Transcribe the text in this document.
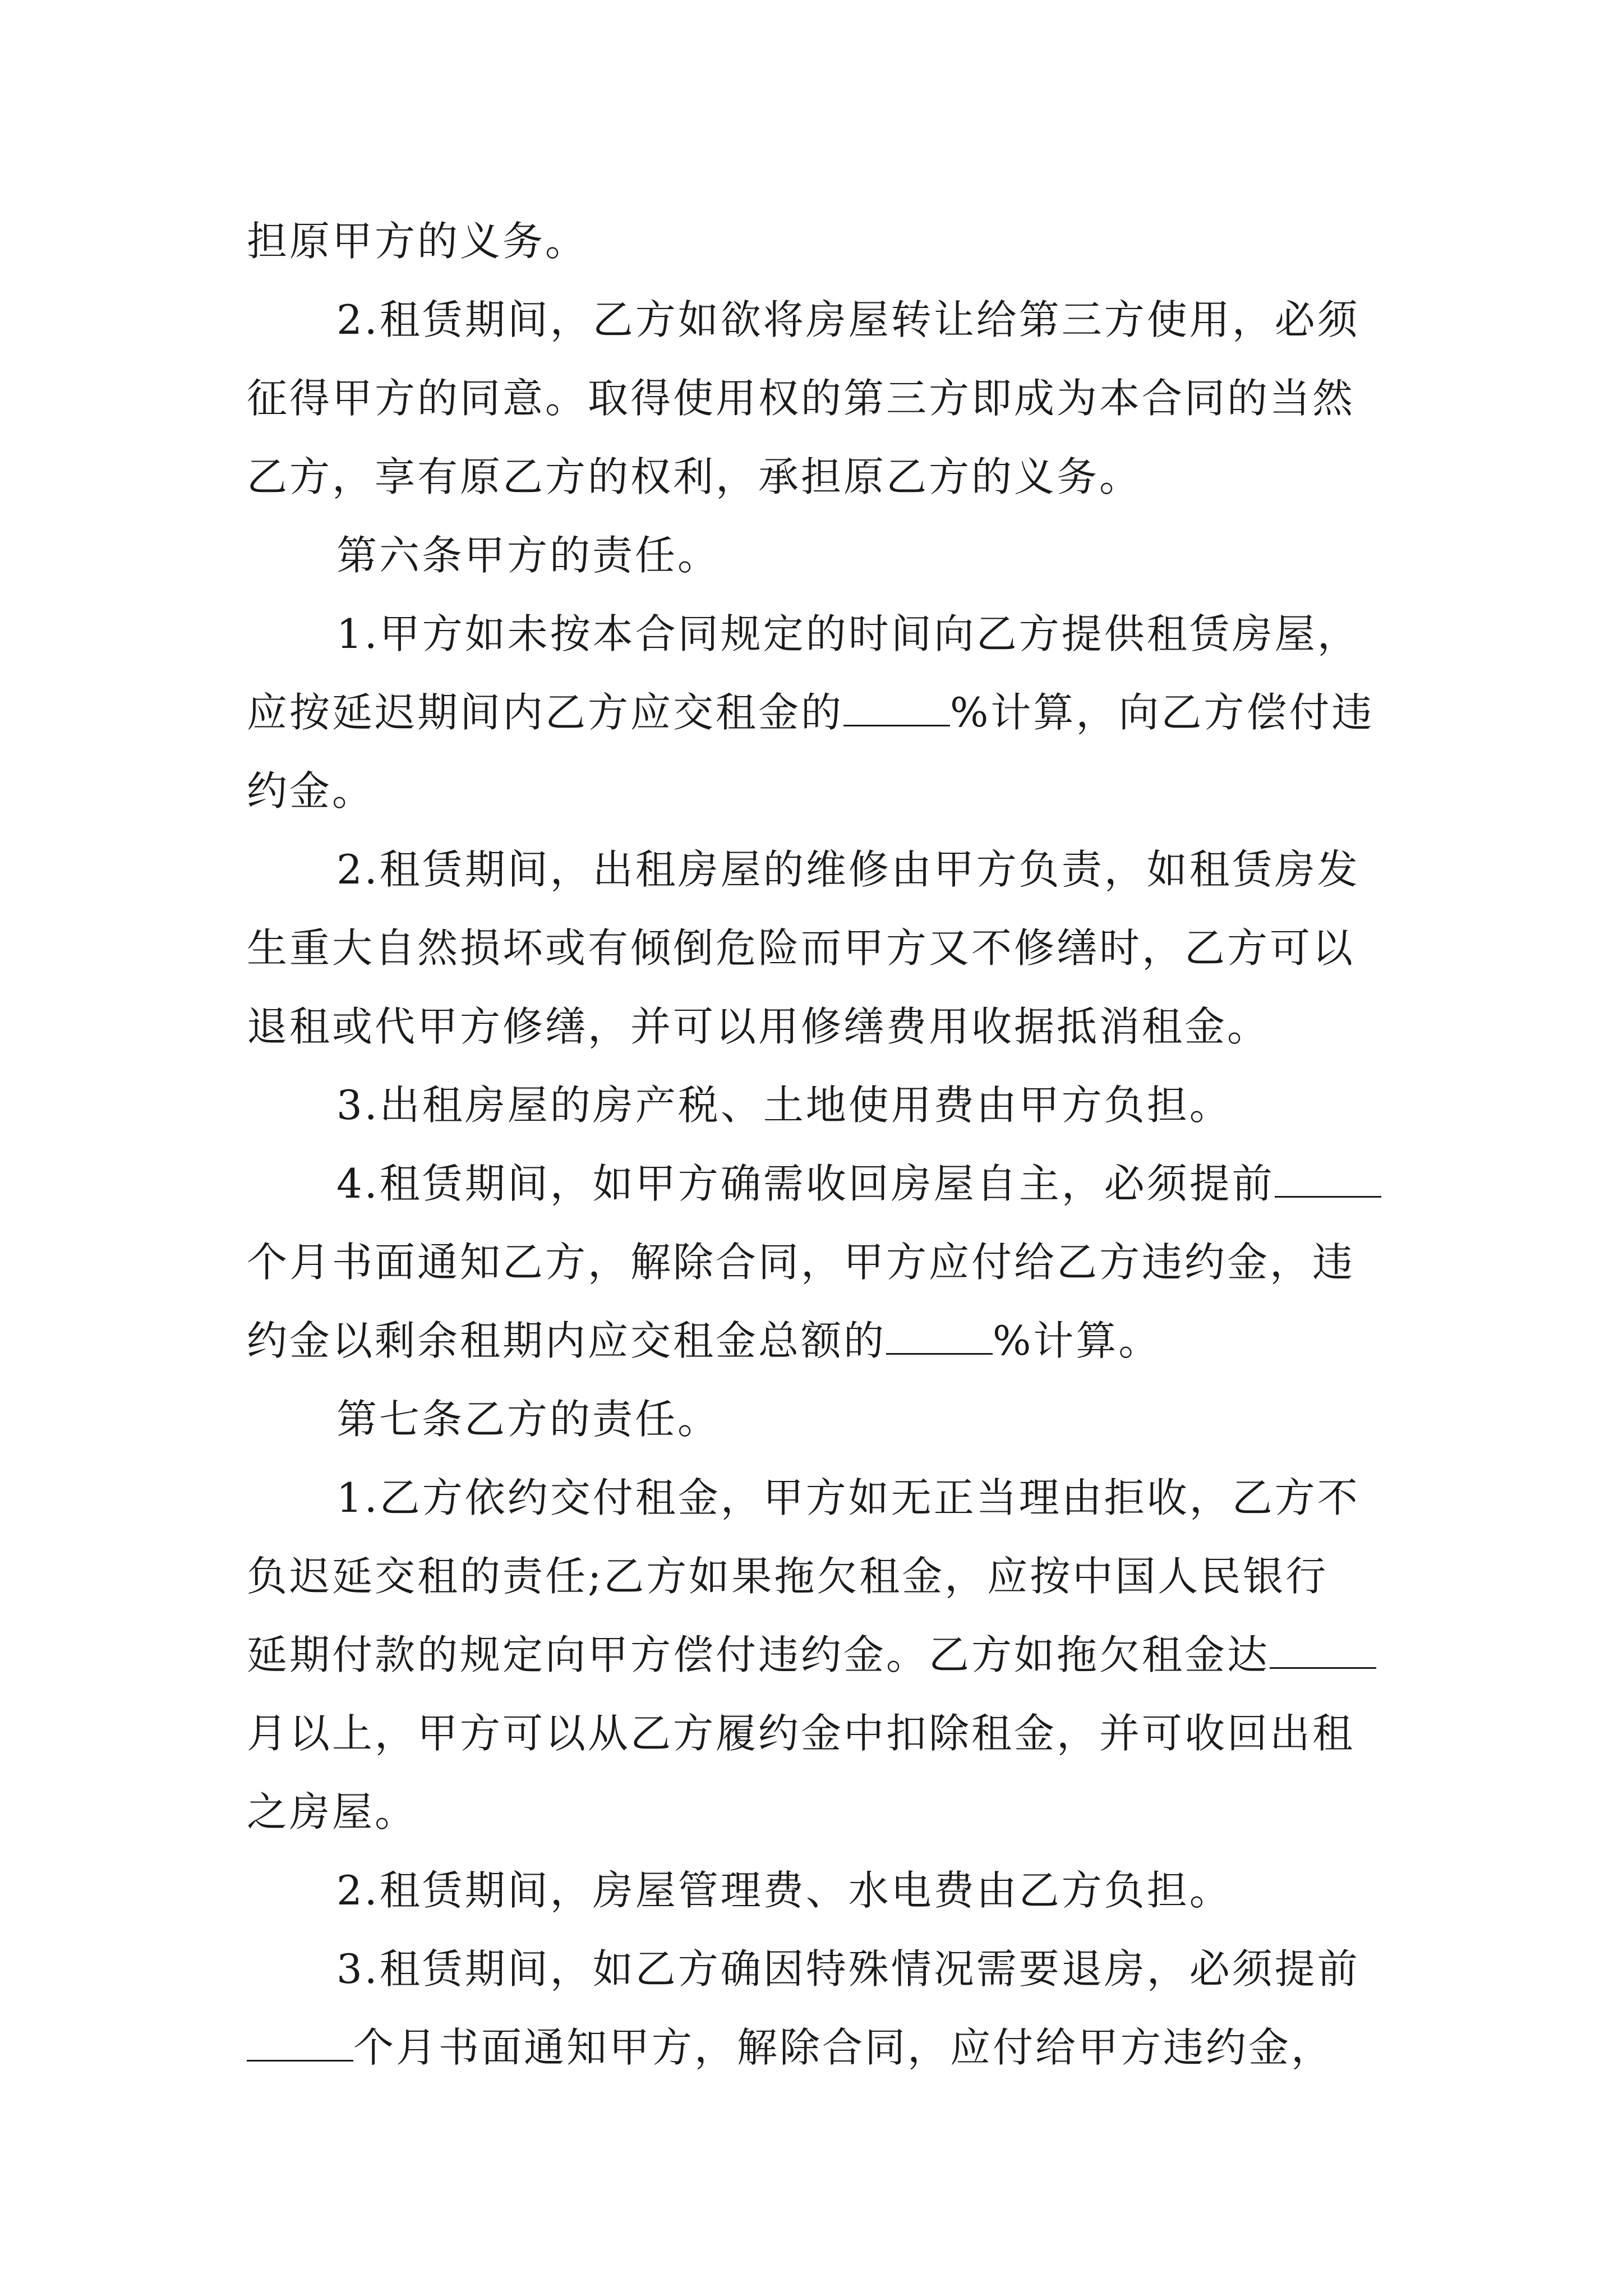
担原甲方的义务。
2.租赁期间，乙方如欲将房屋转让给第三方使用，必须
征得甲方的同意。取得使用权的第三方即成为本合同的当然
乙方，享有原乙方的权利，承担原乙方的义务。
第六条甲方的责任。
1.甲方如未按本合同规定的时间向乙方提供租赁房屋，
应按延迟期间内乙方应交租金的	%计算，向乙方偿付违
约金。
2.租赁期间，出租房屋的维修由甲方负责，如租赁房发
生重大自然损坏或有倾倒危险而甲方又不修缮时，乙方可以
退租或代甲方修缮，并可以用修缮费用收据抵消租金。
3.出租房屋的房产税、土地使用费由甲方负担。
4.租赁期间，如甲方确需收回房屋自主，必须提前
个月书面通知乙方，解除合同，甲方应付给乙方违约金，违
约金以剩余租期内应交租金总额的	%计算。
第七条乙方的责任。
1.乙方依约交付租金，甲方如无正当理由拒收，乙方不
负迟延交租的责任;乙方如果拖欠租金，应按中国人民银行
延期付款的规定向甲方偿付违约金。乙方如拖欠租金达
月以上，甲方可以从乙方履约金中扣除租金，并可收回出租
之房屋。
2.租赁期间，房屋管理费、水电费由乙方负担。
3.租赁期间，如乙方确因特殊情况需要退房，必须提前
个月书面通知甲方，解除合同，应付给甲方违约金，
